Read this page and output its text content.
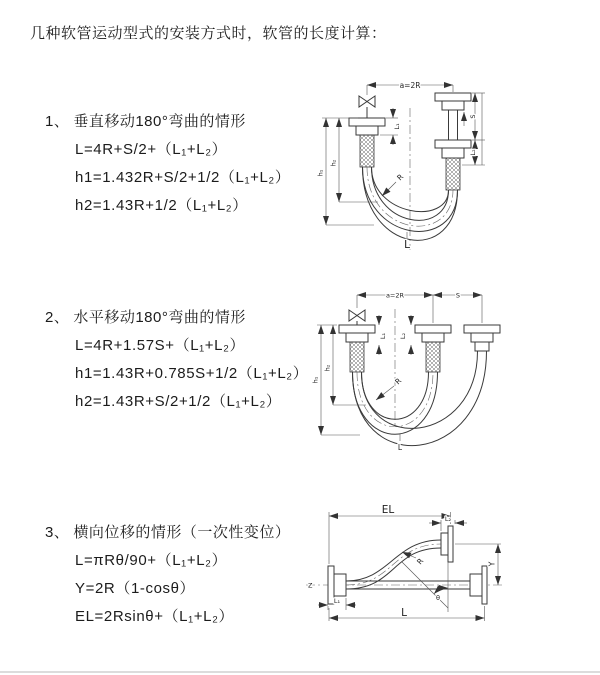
几种软管运动型式的安装方式时，软管的长度计算：
1、 垂直移动180°弯曲的情形
L=4R+S/2+（L₁+L₂）
h1=1.432R+S/2+1/2（L₁+L₂）
h2=1.43R+1/2（L₁+L₂）
2、 水平移动180°弯曲的情形
L=4R+1.57S+（L₁+L₂）
h1=1.43R+0.785S+1/2（L₁+L₂）
h2=1.43R+S/2+1/2（L₁+L₂）
3、 横向位移的情形（一次性变位）
L=πRθ/90+（L₁+L₂）
Y=2R（1-cosθ）
EL=2Rsinθ+（L₁+L₂）
a=2R
h₁
h₂
L₁
S
L₂
R
L
a=2R	S
h₁
h₂
L₁ L₂
R
L
Z
EL
L₂
Y
θ
R
L₁
L
